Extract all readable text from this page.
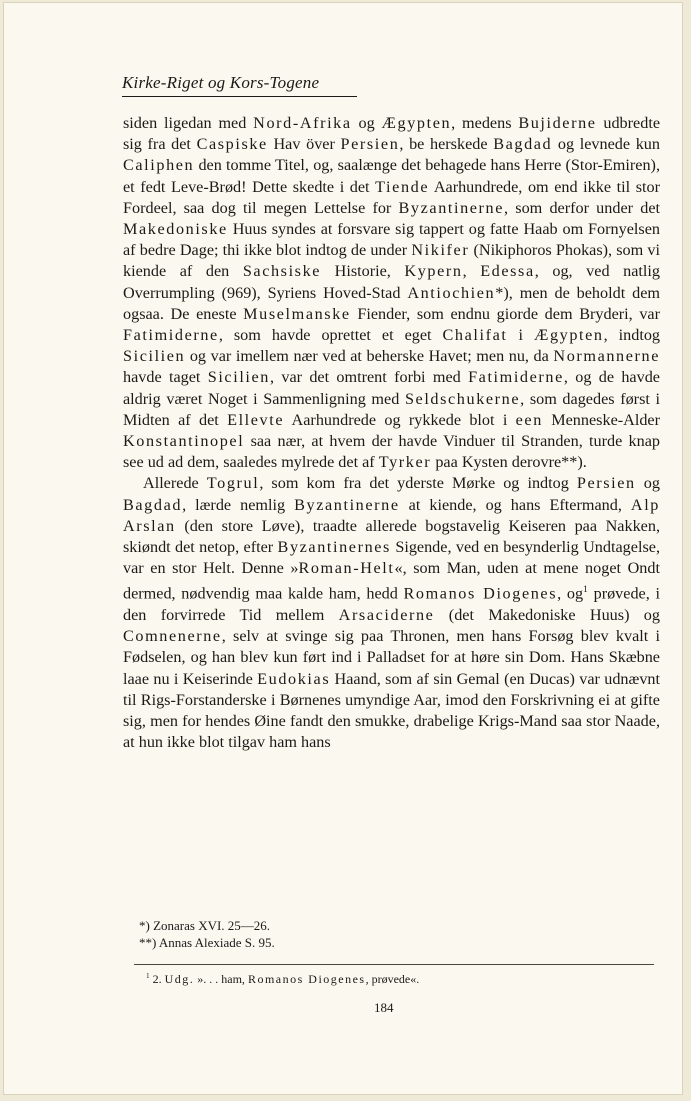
Kirke-Riget og Kors-Togene

siden ligedan med Nord-Afrika og Ægypten, medens Bujiderne udbredte sig fra det Caspiske Hav över Persien, be herskede Bagdad og levnede kun Caliphen den tomme Titel, og, saalænge det behagede hans Herre (Stor-Emiren), et fedt Leve-Brød! Dette skedte i det Tiende Aarhundrede, om end ikke til stor Fordeel, saa dog til megen Lettelse for Byzantinerne, som derfor under det Makedoniske Huus syndes at forsvare sig tappert og fatte Haab om Fornyelsen af bedre Dage; thi ikke blot indtog de under Nikifer (Nikiphoros Phokas), som vi kiende af den Sachsiske Historie, Kypern, Edessa, og, ved natlig Overrumpling (969), Syriens Hoved-Stad Antiochien*), men de beholdt dem ogsaa. De eneste Muselmanske Fiender, som endnu giorde dem Bryderi, var Fatimiderne, som havde oprettet et eget Chalifat i Ægypten, indtog Sicilien og var imellem nær ved at beherske Havet; men nu, da Normannerne havde taget Sicilien, var det omtrent forbi med Fatimiderne, og de havde aldrig været Noget i Sammenligning med Seldschukerne, som dagedes først i Midten af det Ellevte Aarhundrede og rykkede blot i een Menneske-Alder Konstantinopel saa nær, at hvem der havde Vinduer til Stranden, turde knap see ud ad dem, saaledes mylrede det af Tyrker paa Kysten derovre**).

Allerede Togrul, som kom fra det yderste Mørke og indtog Persien og Bagdad, lærde nemlig Byzantinerne at kiende, og hans Eftermand, Alp Arslan (den store Løve), traadte allerede bogstavelig Keiseren paa Nakken, skiøndt det netop, efter Byzantinernes Sigende, ved en besynderlig Undtagelse, var en stor Helt. Denne »Roman-Helt«, som Man, uden at mene noget Ondt dermed, nødvendig maa kalde ham, hedd Romanos Diogenes, $og^1$ prøvede, i den forvirrede Tid mellem Arsaciderne (det Makedoniske Huus) og Comnenerne, selv at svinge sig paa Thronen, men hans Forsøg blev kvalt i Fødselen, og han blev kun ført ind i Palladset for at høre sin Dom. Hans Skæbne laae nu i Keiserinde Eudokias Haand, som af sin Gemal (en Ducas) var udnævnt til Rigs-Forstanderske i Børnenes umyndige Aar, imod den Forskrivning ei at gifte sig, men for hendes Øine fandt den smukke, drabelige Krigs-Mand saa stor Naade, at hun ikke blot tilgav ham hans

*) Zonaras XVI. 25—26.
**) Annas Alexiade S. 95.
$^1$ 2. Udg. ». . . ham, Romanos Diogenes, prøvede«.
184
